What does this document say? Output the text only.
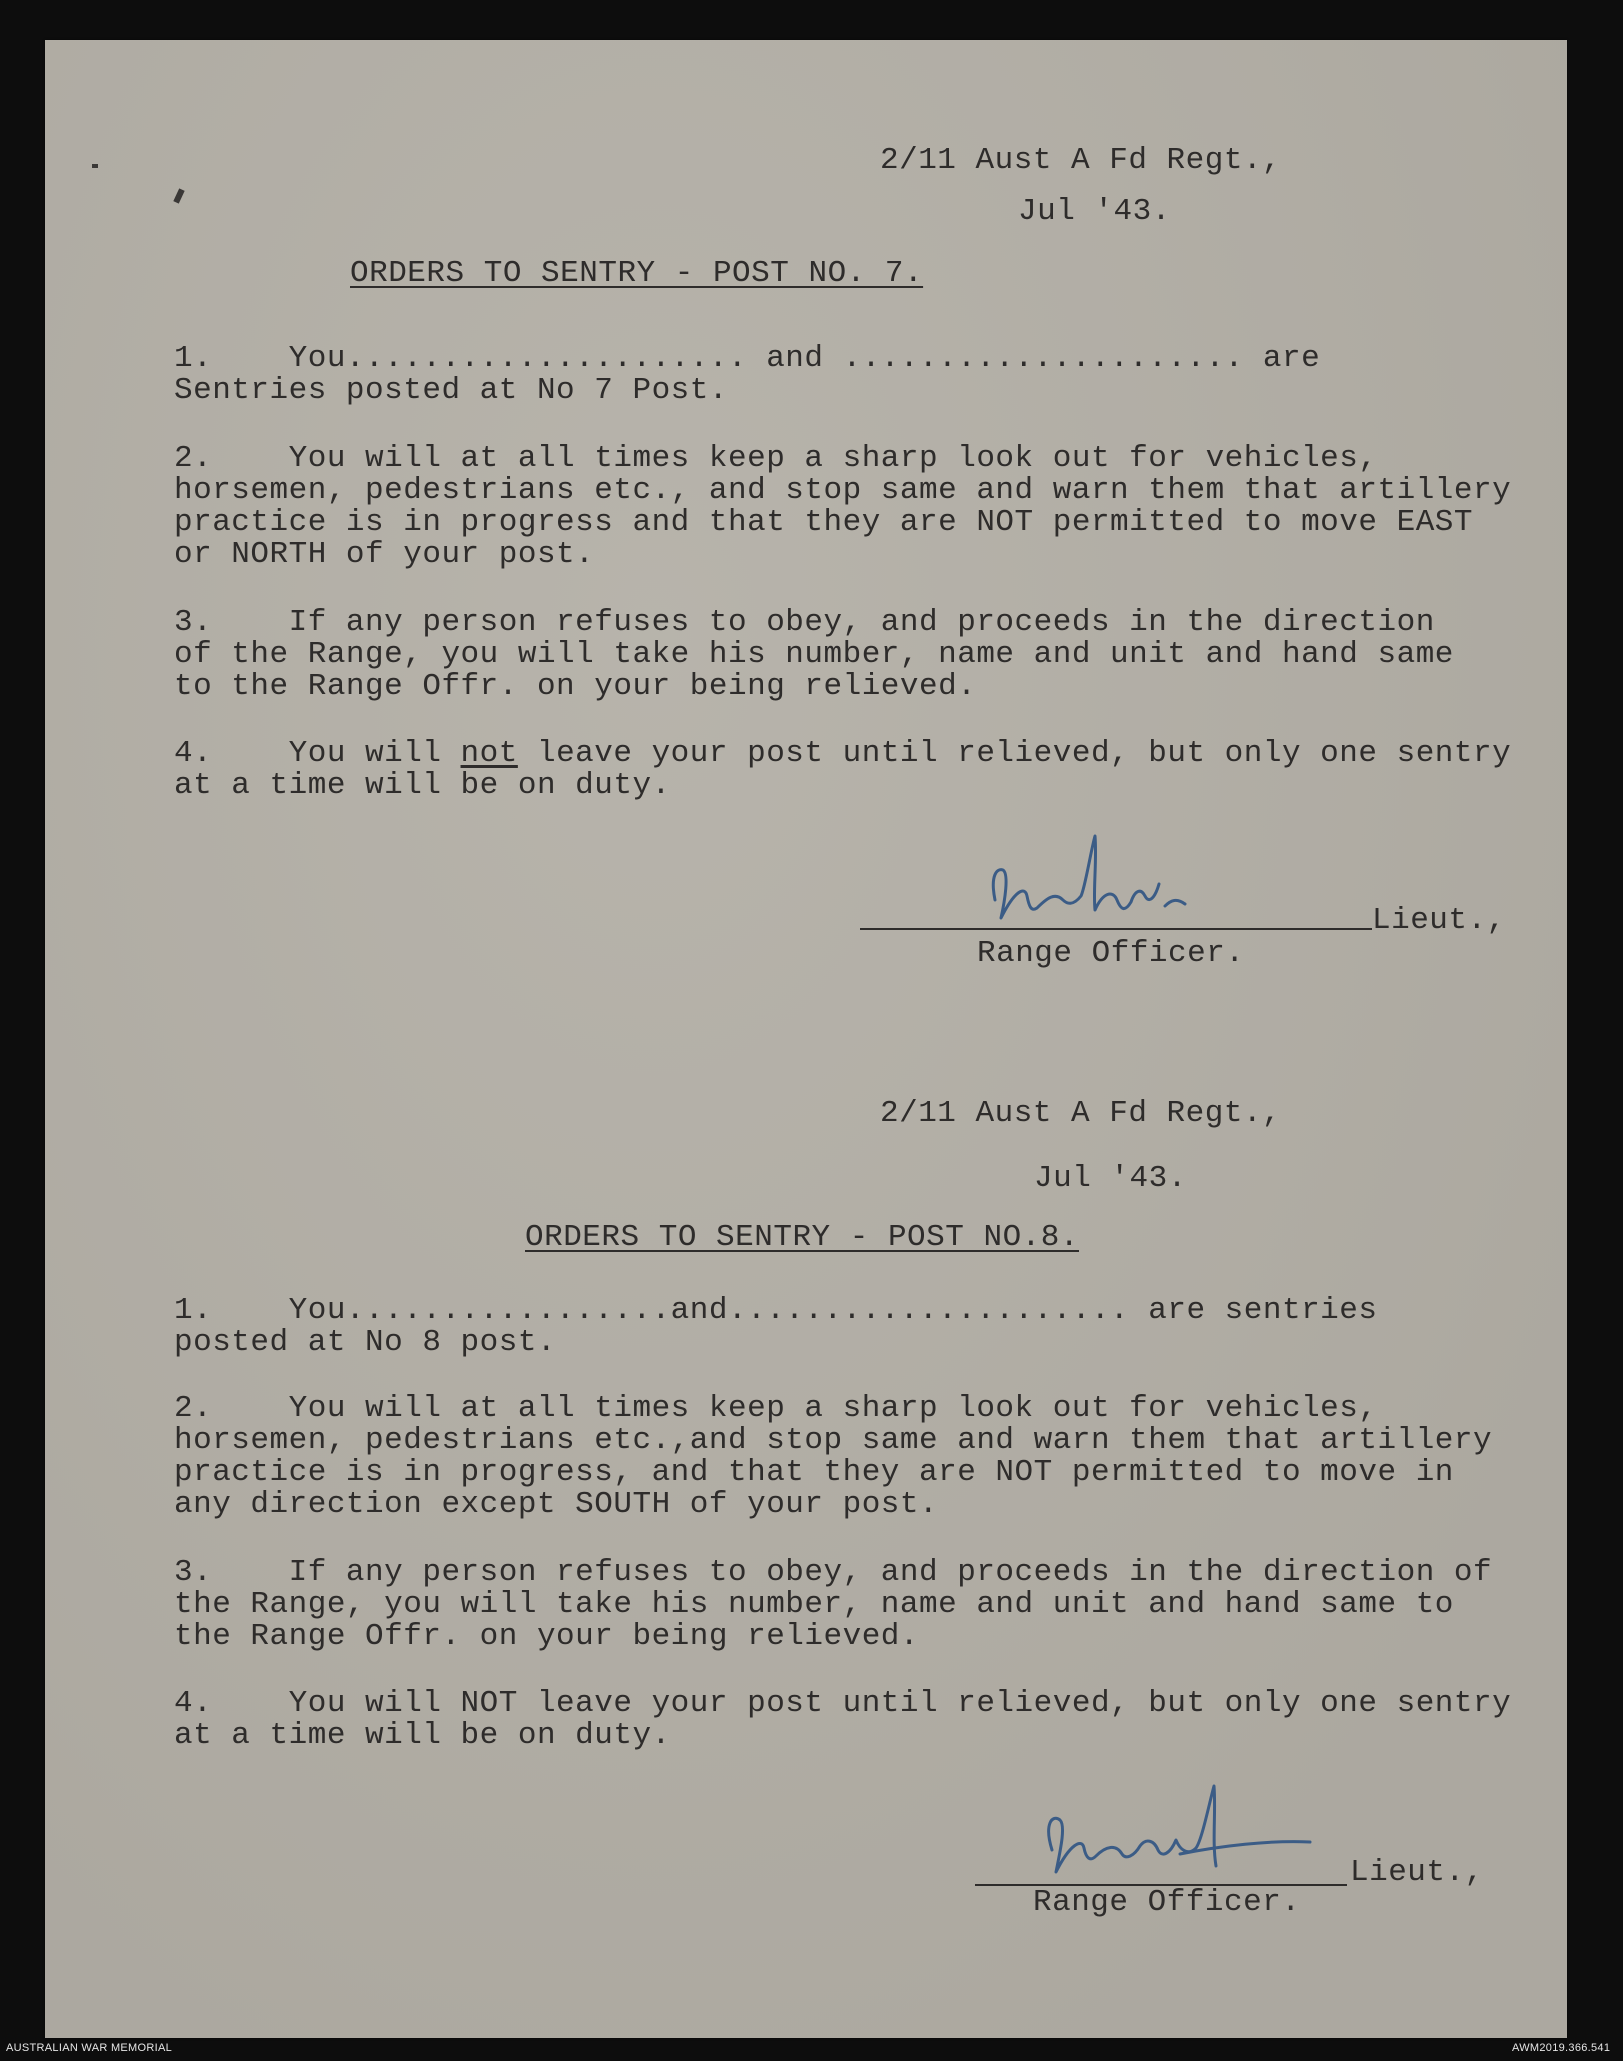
2/11 Aust A Fd Regt.,
Jul '43.
ORDERS TO SENTRY - POST NO. 7.
1.    You..................... and ..................... are
Sentries posted at No 7 Post.
2.    You will at all times keep a sharp look out for vehicles,
horsemen, pedestrians etc., and stop same and warn them that artillery
practice is in progress and that they are NOT permitted to move EAST
or NORTH of your post.
3.    If any person refuses to obey, and proceeds in the direction
of the Range, you will take his number, name and unit and hand same
to the Range Offr. on your being relieved.
4.    You will not leave your post until relieved, but only one sentry
at a time will be on duty.
Lieut.,
Range Officer.
2/11 Aust A Fd Regt.,
Jul '43.
ORDERS TO SENTRY - POST NO.8.
1.    You.................and..................... are sentries
posted at No 8 post.
2.    You will at all times keep a sharp look out for vehicles,
horsemen, pedestrians etc.,and stop same and warn them that artillery
practice is in progress, and that they are NOT permitted to move in
any direction except SOUTH of your post.
3.    If any person refuses to obey, and proceeds in the direction of
the Range, you will take his number, name and unit and hand same to
the Range Offr. on your being relieved.
4.    You will NOT leave your post until relieved, but only one sentry
at a time will be on duty.
Lieut.,
Range Officer.
AUSTRALIAN WAR MEMORIAL	AWM2019.366.541
